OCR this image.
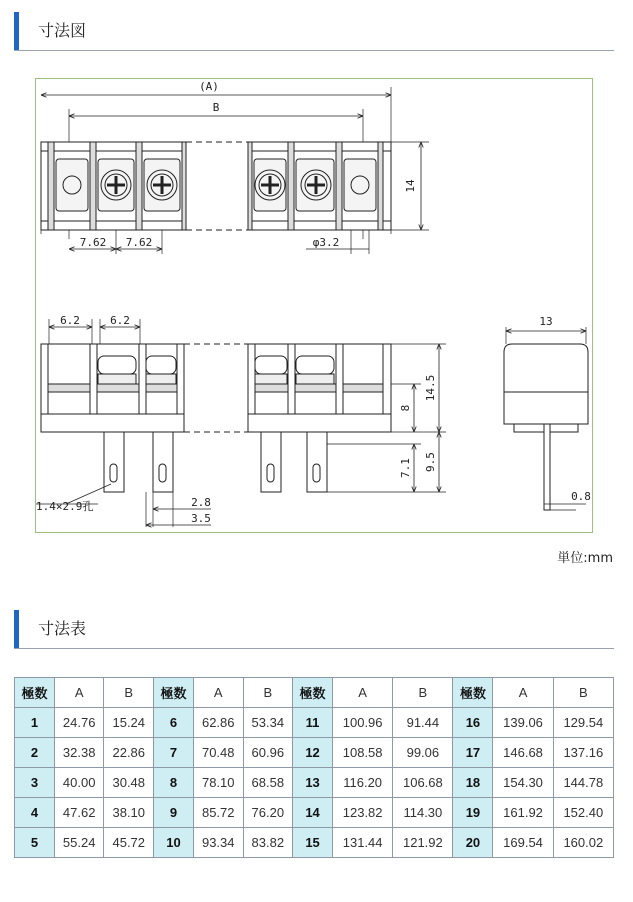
寸法図
(A)
B
7.62 7.62	φ3.2
14
6.2	6.2	13
14.5
8
9.5
7.1
1.4×2.9孔	2.8
3.5
0.8
単位:mm
寸法表
極数	A	B	極数	A	B	極数	A	B	極数	A	B
1	24.76	15.24	6	62.86	53.34	11	100.96	91.44	16	139.06	129.54
2	32.38	22.86	7	70.48	60.96	12	108.58	99.06	17	146.68	137.16
3	40.00	30.48	8	78.10	68.58	13	116.20	106.68	18	154.30	144.78
4	47.62	38.10	9	85.72	76.20	14	123.82	114.30	19	161.92	152.40
5	55.24	45.72	10	93.34	83.82	15	131.44	121.92	20	169.54	160.02
